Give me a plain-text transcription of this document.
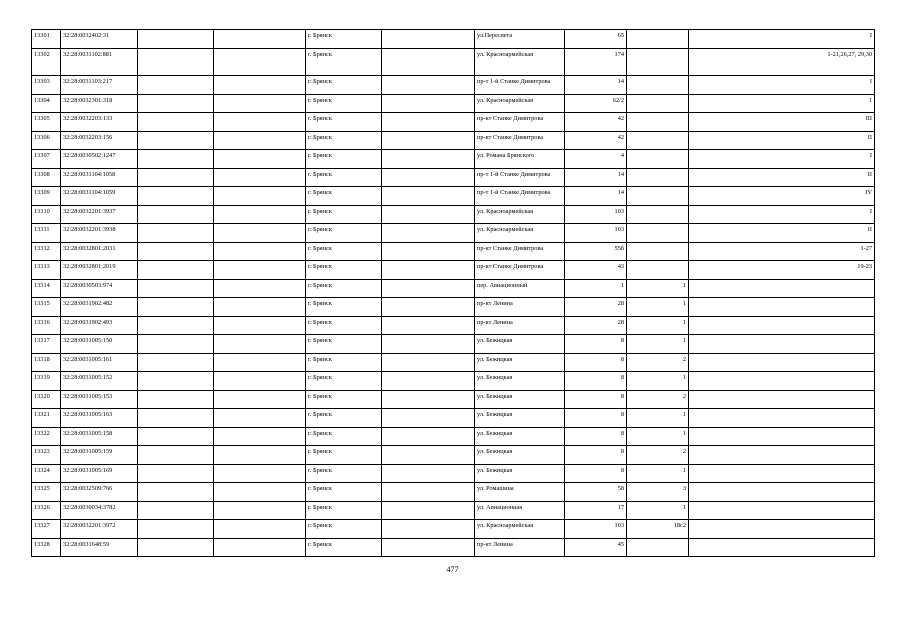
13301	32:28:0032402:31			г. Брянск		ул.Пересвета	65		I
13302	32:28:0031102:881			г. Брянск		ул. Красноармейская	174		1-21,26,27, 29,30
13303	32:28:0031103:217			г. Брянск		пр-т 1-й Станке Димитрова	14		I
13304	32:28:0032301:318			г. Брянск		ул. Красноармейская	62/2		1
13305	32:28:0032203:133			г. Брянск		пр-кт Станке Димитрова	42		III
13306	32:28:0032203:156			г. Брянск		пр-кт Станке Димитрова	42		II
13307	32:28:0030502:1247			г. Брянск		ул. Романа Брянского	4		I
13308	32:28:0031104:1058			г. Брянск		пр-т 1-й Станке Димитрова	14		II
13309	32:28:0031104:1059			г. Брянск		пр-т 1-й Станке Димитрова	14		IV
13310	32:28:0032201:3937			г. Брянск		ул. Красноармейская	103		I
13311	32:28:0032201:3938			г. Брянск		ул. Красноармейская	103		II
13312	32:28:0032801:2031			г. Брянск		пр-кт Станке Димитрова	55б		1-27
13313	32:28:0032801:2019			г. Брянск		пр-кт Станке Димитрова	43		19-23
13314	32:28:0030503:974			г. Брянск		пер. Авиационный	1	1	
13315	32:28:0031902:482			г. Брянск		пр-кт Ленина	28	1	
13316	32:28:0031902:493			г. Брянск		пр-кт Ленина	28	1	
13317	32:28:0031005:150			г. Брянск		ул. Бежицкая	8	1	
13318	32:28:0031005:161			г. Брянск		ул. Бежицкая	8	2	
13319	32:28:0031005:152			г. Брянск		ул. Бежицкая	8	1	
13320	32:28:0031005:153			г. Брянск		ул. Бежицкая	8	2	
13321	32:28:0031005:163			г. Брянск		ул. Бежицкая	8	1	
13322	32:28:0031005:158			г. Брянск		ул. Бежицкая	8	1	
13323	32:28:0031005:159			г. Брянск		ул. Бежицкая	8	2	
13324	32:28:0031005:169			г. Брянск		ул. Бежицкая	8	1	
13325	32:28:0032509:766			г. Брянск		ул. Ромашина	58	3	
13326	32:28:0030034:3782			г. Брянск		ул. Авиационная	17	1	
13327	32:28:0032201:3972			г. Брянск		ул. Красноармейская	103	18с2	
13328	32:28:0031648:59			г. Брянск		пр-кт Ленина	45		
477
